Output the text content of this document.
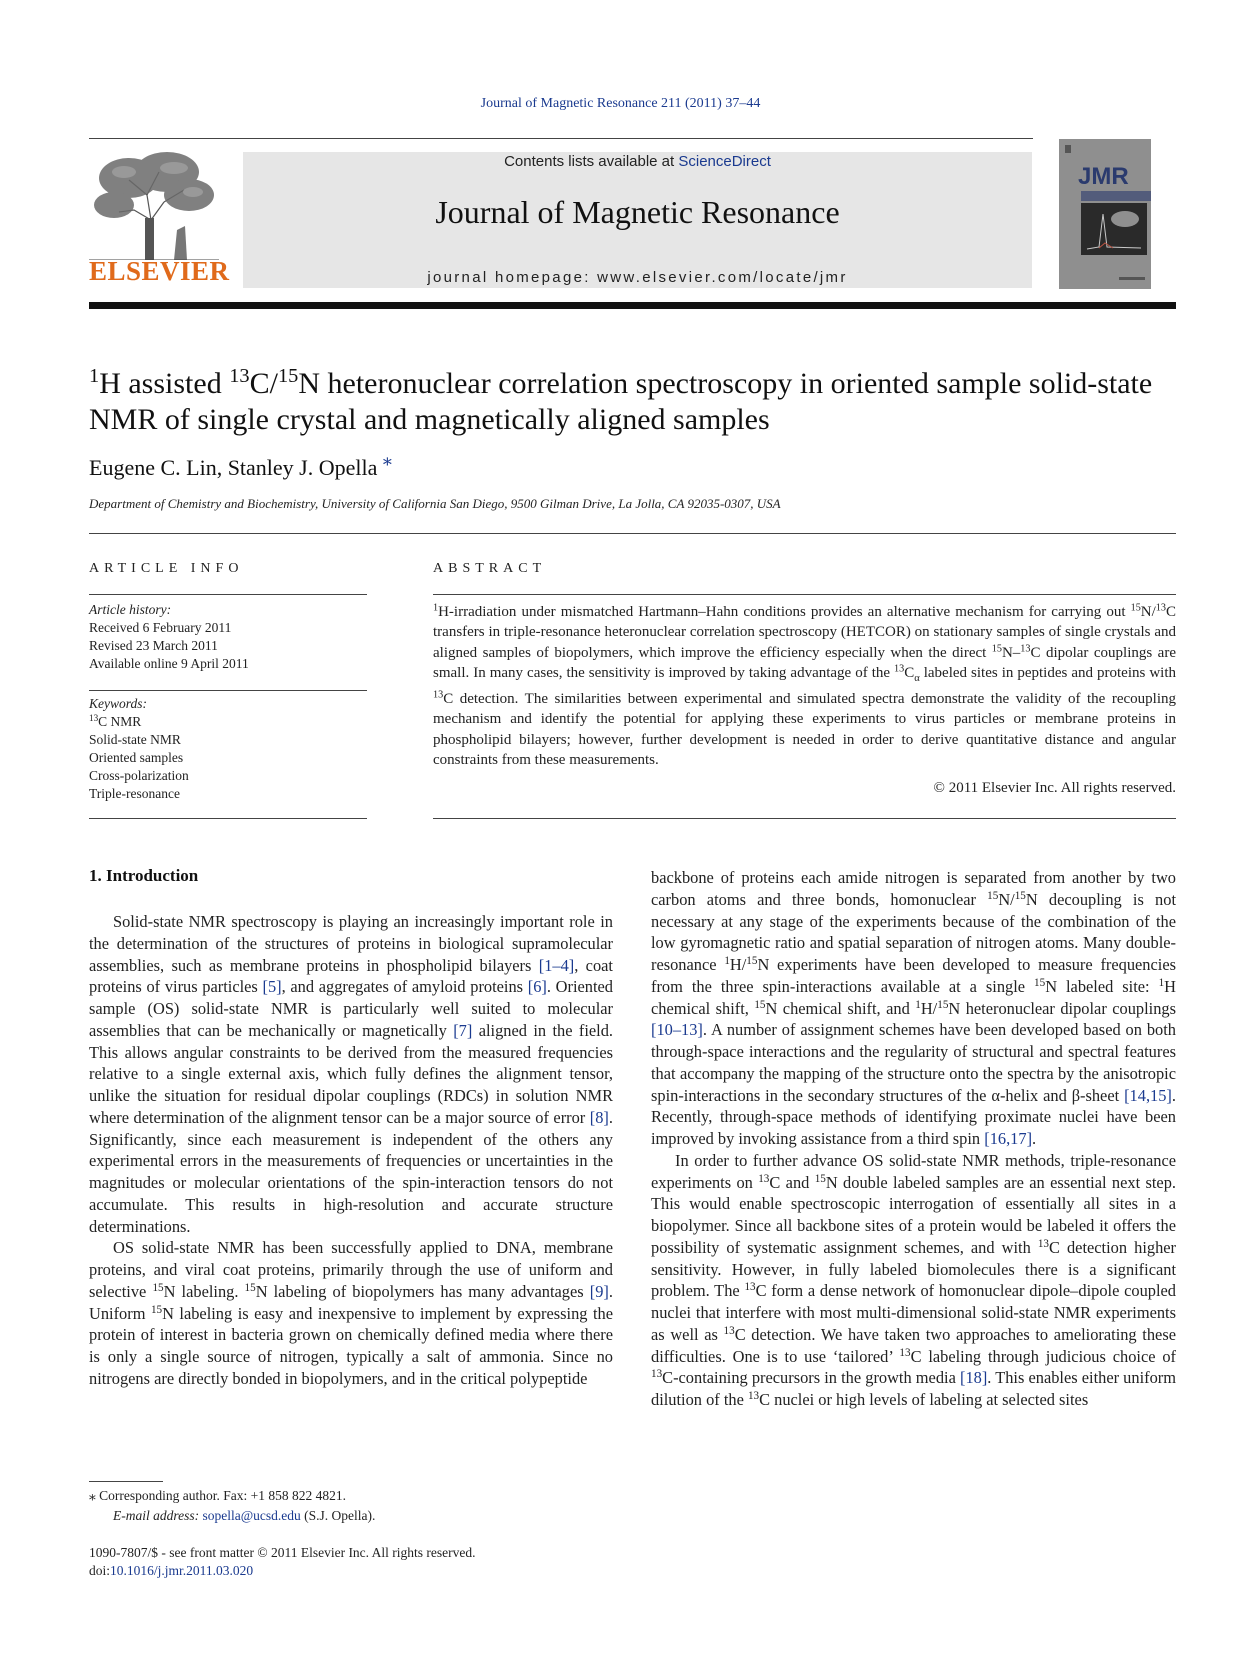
Journal of Magnetic Resonance 211 (2011) 37–44
ELSEVIER
Contents lists available at ScienceDirect
Journal of Magnetic Resonance
journal homepage: www.elsevier.com/locate/jmr
JMR
$^1$H assisted $^{13}$C/$^{15}$N heteronuclear correlation spectroscopy in oriented sample solid-state NMR of single crystal and magnetically aligned samples
Eugene C. Lin, Stanley J. Opella ⁎
Department of Chemistry and Biochemistry, University of California San Diego, 9500 Gilman Drive, La Jolla, CA 92035-0307, USA
ARTICLE INFO	ABSTRACT
Article history:
Received 6 February 2011
Revised 23 March 2011
Available online 9 April 2011
Keywords:
$^{13}$C NMR
Solid-state NMR
Oriented samples
Cross-polarization
Triple-resonance
$^1$H-irradiation under mismatched Hartmann–Hahn conditions provides an alternative mechanism for carrying out $^{15}$N/$^{13}$C transfers in triple-resonance heteronuclear correlation spectroscopy (HETCOR) on stationary samples of single crystals and aligned samples of biopolymers, which improve the efficiency especially when the direct $^{15}$N–$^{13}$C dipolar couplings are small. In many cases, the sensitivity is improved by taking advantage of the $^{13}C_\alpha$ labeled sites in peptides and proteins with $^{13}$C detection. The similarities between experimental and simulated spectra demonstrate the validity of the recoupling mechanism and identify the potential for applying these experiments to virus particles or membrane proteins in phospholipid bilayers; however, further development is needed in order to derive quantitative distance and angular constraints from these measurements.
© 2011 Elsevier Inc. All rights reserved.
1. Introduction

Solid-state NMR spectroscopy is playing an increasingly important role in the determination of the structures of proteins in biological supramolecular assemblies, such as membrane proteins in phospholipid bilayers [1–4], coat proteins of virus particles [5], and aggregates of amyloid proteins [6]. Oriented sample (OS) solid-state NMR is particularly well suited to molecular assemblies that can be mechanically or magnetically [7] aligned in the field. This allows angular constraints to be derived from the measured frequencies relative to a single external axis, which fully defines the alignment tensor, unlike the situation for residual dipolar couplings (RDCs) in solution NMR where determination of the alignment tensor can be a major source of error [8]. Significantly, since each measurement is independent of the others any experimental errors in the measurements of frequencies or uncertainties in the magnitudes or molecular orientations of the spin-interaction tensors do not accumulate. This results in high-resolution and accurate structure determinations.

OS solid-state NMR has been successfully applied to DNA, membrane proteins, and viral coat proteins, primarily through the use of uniform and selective $^{15}$N labeling. $^{15}$N labeling of biopolymers has many advantages [9]. Uniform $^{15}$N labeling is easy and inexpensive to implement by expressing the protein of interest in bacteria grown on chemically defined media where there is only a single source of nitrogen, typically a salt of ammonia. Since no nitrogens are directly bonded in biopolymers, and in the critical polypeptide

backbone of proteins each amide nitrogen is separated from another by two carbon atoms and three bonds, homonuclear $^{15}$N/$^{15}$N decoupling is not necessary at any stage of the experiments because of the combination of the low gyromagnetic ratio and spatial separation of nitrogen atoms. Many double-resonance $^1$H/$^{15}$N experiments have been developed to measure frequencies from the three spin-interactions available at a single $^{15}$N labeled site: $^1$H chemical shift, $^{15}$N chemical shift, and $^1$H/$^{15}$N heteronuclear dipolar couplings [10–13]. A number of assignment schemes have been developed based on both through-space interactions and the regularity of structural and spectral features that accompany the mapping of the structure onto the spectra by the anisotropic spin-interactions in the secondary structures of the α-helix and β-sheet [14,15]. Recently, through-space methods of identifying proximate nuclei have been improved by invoking assistance from a third spin [16,17].

In order to further advance OS solid-state NMR methods, triple-resonance experiments on $^{13}$C and $^{15}$N double labeled samples are an essential next step. This would enable spectroscopic interrogation of essentially all sites in a biopolymer. Since all backbone sites of a protein would be labeled it offers the possibility of systematic assignment schemes, and with $^{13}$C detection higher sensitivity. However, in fully labeled biomolecules there is a significant problem. The $^{13}$C form a dense network of homonuclear dipole–dipole coupled nuclei that interfere with most multi-dimensional solid-state NMR experiments as well as $^{13}$C detection. We have taken two approaches to ameliorating these difficulties. One is to use ‘tailored’ $^{13}$C labeling through judicious choice of $^{13}$C-containing precursors in the growth media [18]. This enables either uniform dilution of the $^{13}$C nuclei or high levels of labeling at selected sites

⁎ Corresponding author. Fax: +1 858 822 4821.
E-mail address: sopella@ucsd.edu (S.J. Opella).
1090-7807/$ - see front matter © 2011 Elsevier Inc. All rights reserved.
doi:10.1016/j.jmr.2011.03.020
